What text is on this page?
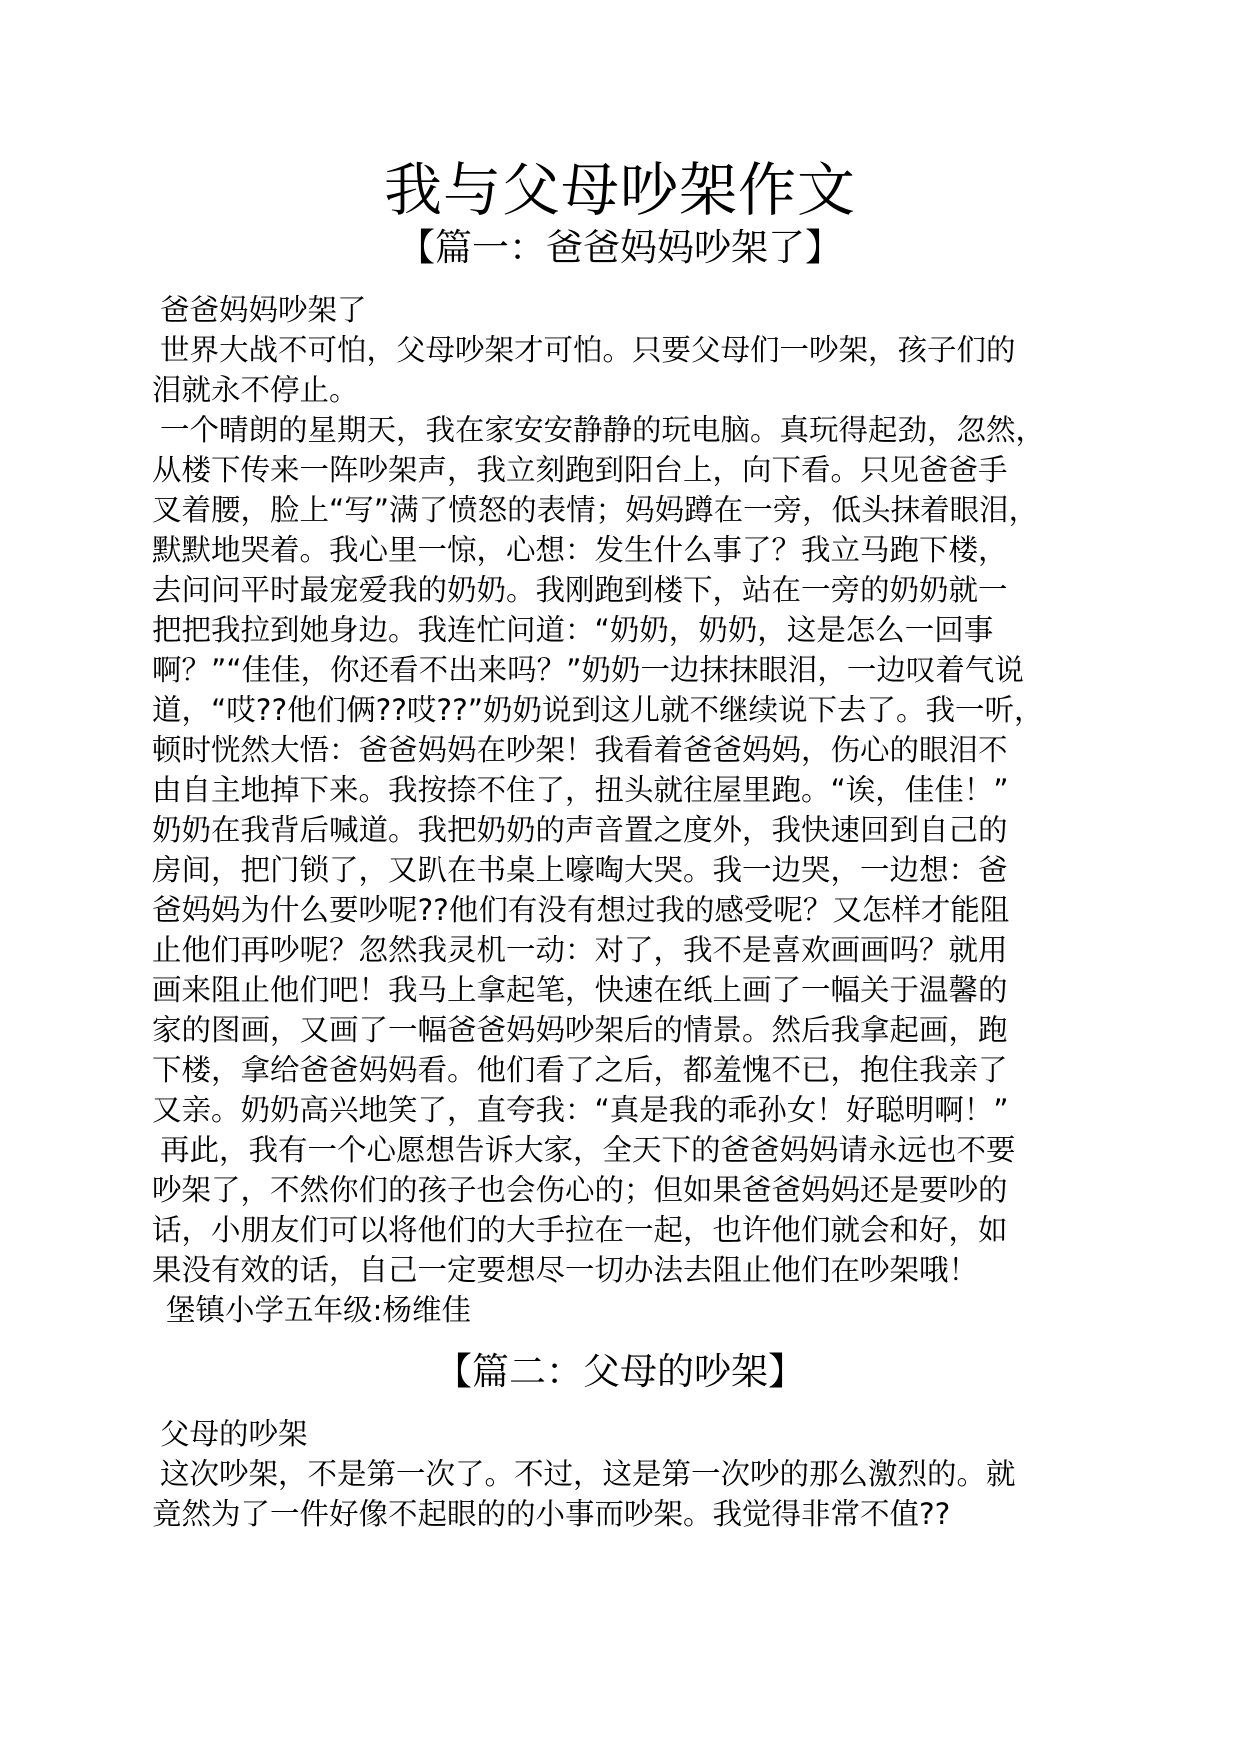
我与父母吵架作文
【篇一：爸爸妈妈吵架了】
爸爸妈妈吵架了
世界大战不可怕，父母吵架才可怕。只要父母们一吵架，孩子们的
泪就永不停止。
一个晴朗的星期天，我在家安安静静的玩电脑。真玩得起劲，忽然，
从楼下传来一阵吵架声，我立刻跑到阳台上，向下看。只见爸爸手
叉着腰，脸上“写”满了愤怒的表情；妈妈蹲在一旁，低头抹着眼泪，
默默地哭着。我心里一惊，心想：发生什么事了？我立马跑下楼，
去问问平时最宠爱我的奶奶。我刚跑到楼下，站在一旁的奶奶就一
把把我拉到她身边。我连忙问道：“奶奶，奶奶，这是怎么一回事
啊？”“佳佳，你还看不出来吗？”奶奶一边抹抹眼泪，一边叹着气说
道，“哎??他们俩??哎??”奶奶说到这儿就不继续说下去了。我一听，
顿时恍然大悟：爸爸妈妈在吵架！我看着爸爸妈妈，伤心的眼泪不
由自主地掉下来。我按捺不住了，扭头就往屋里跑。“诶，佳佳！”
奶奶在我背后喊道。我把奶奶的声音置之度外，我快速回到自己的
房间，把门锁了，又趴在书桌上嚎啕大哭。我一边哭，一边想：爸
爸妈妈为什么要吵呢??他们有没有想过我的感受呢？又怎样才能阻
止他们再吵呢？忽然我灵机一动：对了，我不是喜欢画画吗？就用
画来阻止他们吧！我马上拿起笔，快速在纸上画了一幅关于温馨的
家的图画，又画了一幅爸爸妈妈吵架后的情景。然后我拿起画，跑
下楼，拿给爸爸妈妈看。他们看了之后，都羞愧不已，抱住我亲了
又亲。奶奶高兴地笑了，直夸我：“真是我的乖孙女！好聪明啊！”
再此，我有一个心愿想告诉大家，全天下的爸爸妈妈请永远也不要
吵架了，不然你们的孩子也会伤心的；但如果爸爸妈妈还是要吵的
话，小朋友们可以将他们的大手拉在一起，也许他们就会和好，如
果没有效的话，自己一定要想尽一切办法去阻止他们在吵架哦！
堡镇小学五年级:杨维佳
【篇二：父母的吵架】
父母的吵架
这次吵架，不是第一次了。不过，这是第一次吵的那么激烈的。就
竟然为了一件好像不起眼的的小事而吵架。我觉得非常不值??
